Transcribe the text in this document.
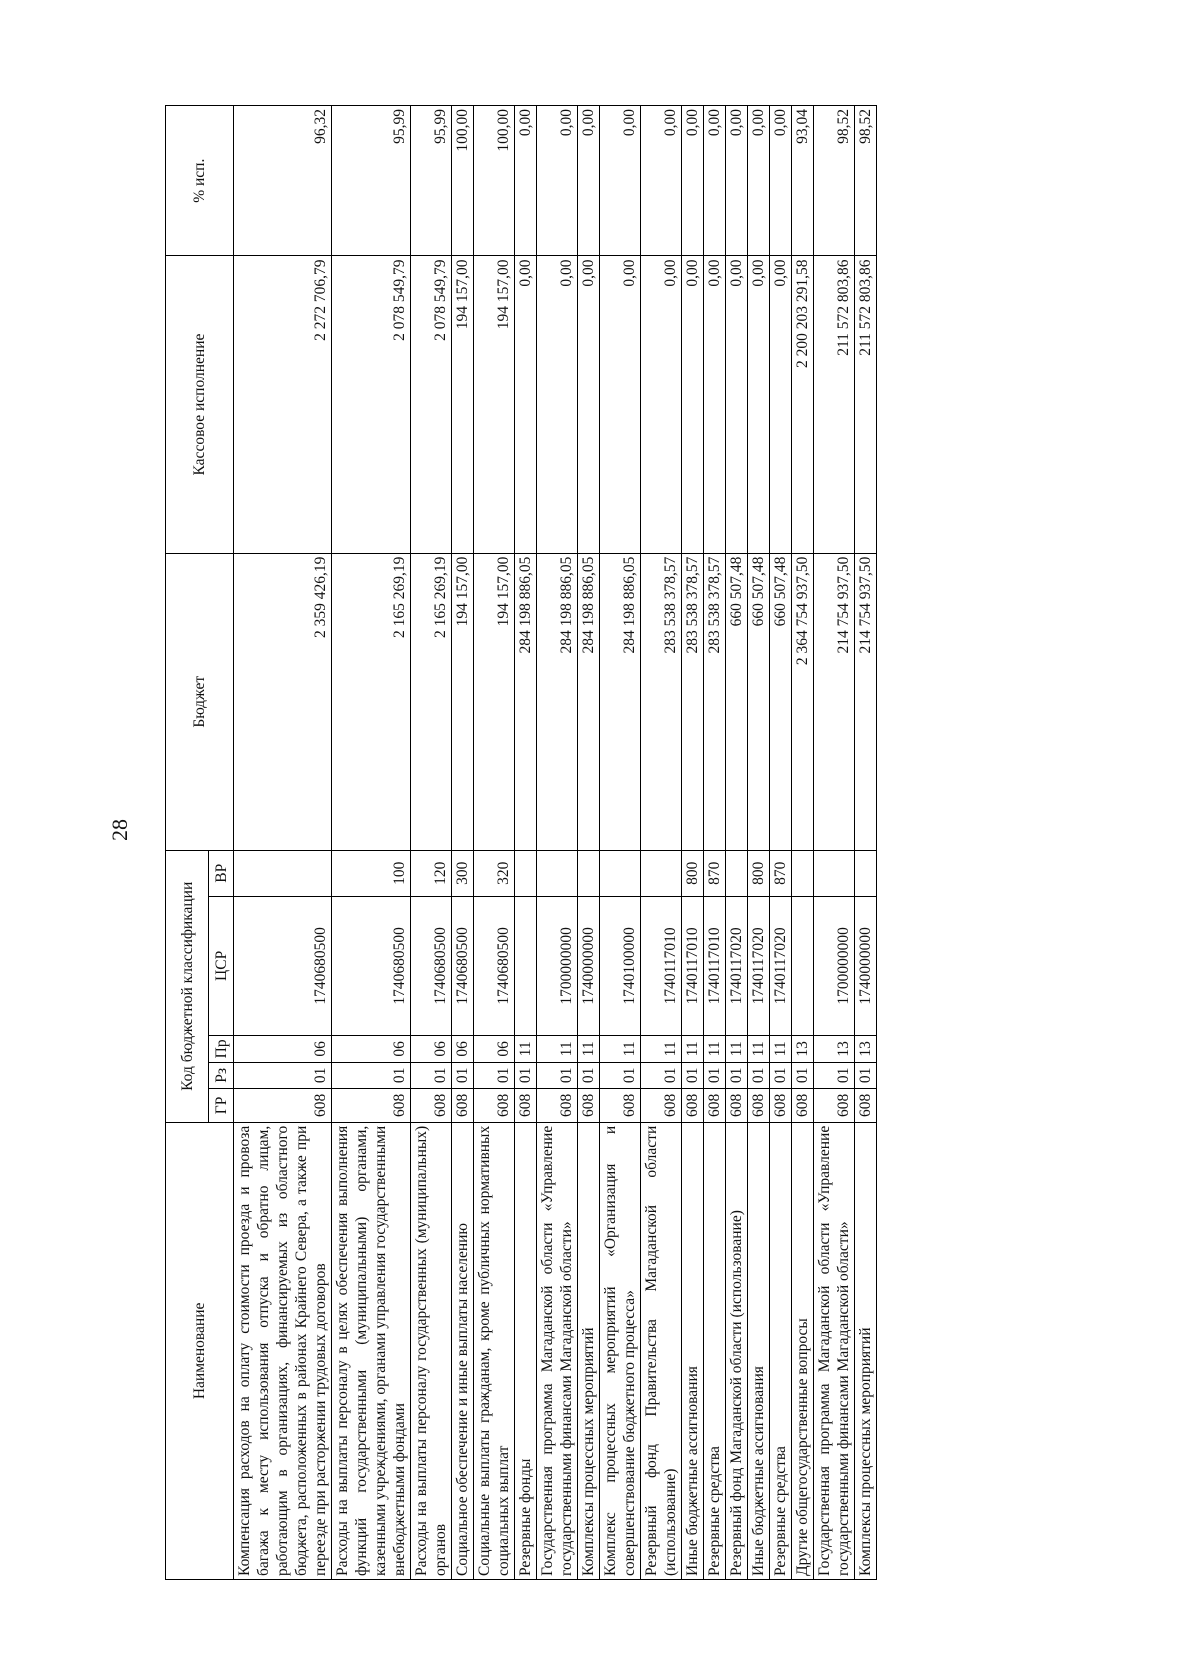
28
Наименование	Код бюджетной классификации					Бюджет	Кассовое исполнение	% исп.
	ГР	Рз	Пр	ЦСР	ВР			
Компенсация расходов на оплату стоимости проезда и провоза багажа к месту использования отпуска и обратно лицам, работающим в организациях, финансируемых из областного бюджета, расположенных в районах Крайнего Севера, а также при переезде при расторжении трудовых договоров	608	01	06	1740680500		2 359 426,19	2 272 706,79	96,32
Расходы на выплаты персоналу в целях обеспечения выполнения функций государственными (муниципальными) органами, казенными учреждениями, органами управления государственными внебюджетными фондами	608	01	06	1740680500	100	2 165 269,19	2 078 549,79	95,99
Расходы на выплаты персоналу государственных (муниципальных) органов	608	01	06	1740680500	120	2 165 269,19	2 078 549,79	95,99
Социальное обеспечение и иные выплаты населению	608	01	06	1740680500	300	194 157,00	194 157,00	100,00
Социальные выплаты гражданам, кроме публичных нормативных социальных выплат	608	01	06	1740680500	320	194 157,00	194 157,00	100,00
Резервные фонды	608	01	11			284 198 886,05	0,00	0,00
Государственная программа Магаданской области «Управление государственными финансами Магаданской области»	608	01	11	1700000000		284 198 886,05	0,00	0,00
Комплексы процессных мероприятий	608	01	11	1740000000		284 198 886,05	0,00	0,00
Комплекс процессных мероприятий «Организация и совершенствование бюджетного процесса»	608	01	11	1740100000		284 198 886,05	0,00	0,00
Резервный фонд Правительства Магаданской области (использование)	608	01	11	1740117010		283 538 378,57	0,00	0,00
Иные бюджетные ассигнования	608	01	11	1740117010	800	283 538 378,57	0,00	0,00
Резервные средства	608	01	11	1740117010	870	283 538 378,57	0,00	0,00
Резервный фонд Магаданской области (использование)	608	01	11	1740117020		660 507,48	0,00	0,00
Иные бюджетные ассигнования	608	01	11	1740117020	800	660 507,48	0,00	0,00
Резервные средства	608	01	11	1740117020	870	660 507,48	0,00	0,00
Другие общегосударственные вопросы	608	01	13			2 364 754 937,50	2 200 203 291,58	93,04
Государственная программа Магаданской области «Управление государственными финансами Магаданской области»	608	01	13	1700000000		214 754 937,50	211 572 803,86	98,52
Комплексы процессных мероприятий	608	01	13	1740000000		214 754 937,50	211 572 803,86	98,52
